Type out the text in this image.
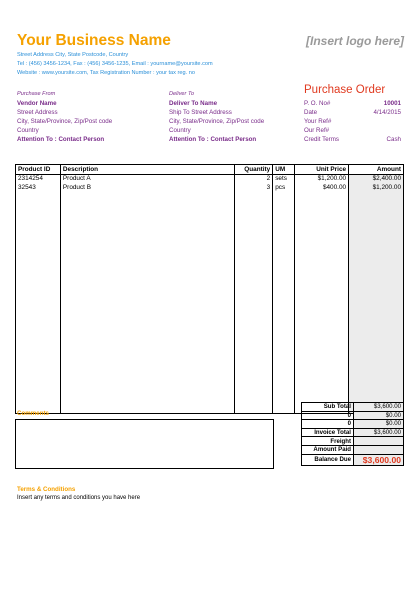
Your Business Name	[Insert logo here]
Street Address City, State Postcode, Country
Tel : (456) 3456-1234, Fax : (456) 3456-1235, Email : yourname@yoursite.com
Website : www.yoursite.com, Tax Registration Number : your tax reg. no
Purchase From
Vendor Name
Street Address
City, State/Province, Zip/Post code
Country
Attention To : Contact Person
Deliver To
Deliver To Name
Ship To Street Address
City, State/Province, Zip/Post code
Country
Attention To : Contact Person
Purchase Order
P. O. No#	10001
Date	4/14/2015
Your Ref#
Our Ref#
Credit Terms	Cash
Product ID	Description	Quantity	UM	Unit Price	Amount
2314254	Product A	2	sets	$1,200.00	$2,400.00
32543	Product B	3	pcs	$400.00	$1,200.00

Sub Total	$3,600.00
0	$0.00
0	$0.00
Invoice Total	$3,600.00
Freight	
Amount Paid	
Balance Due	$3,600.00
Comments
Terms & Conditions
Insert any terms and conditions you have here
